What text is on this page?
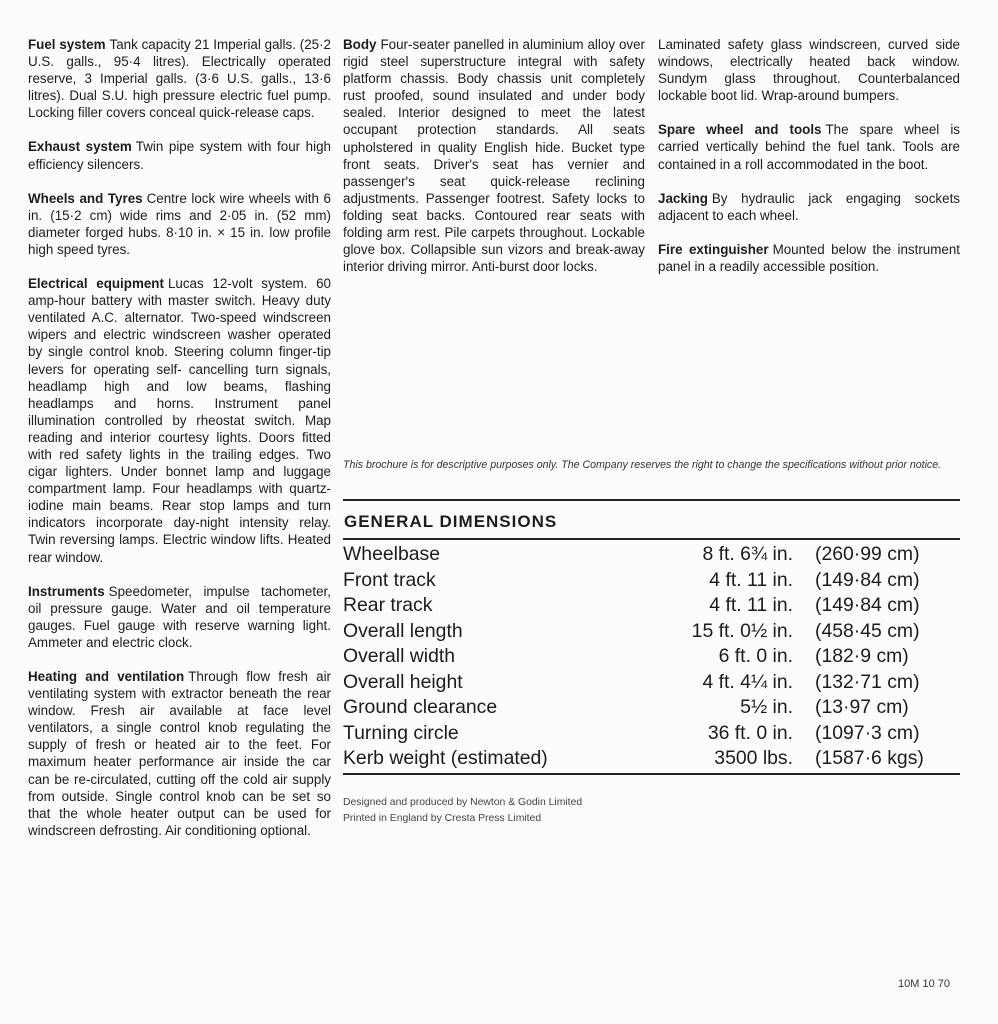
Fuel system Tank capacity 21 Imperial galls. (25·2 U.S. galls., 95·4 litres). Electrically operated reserve, 3 Imperial galls. (3·6 U.S. galls., 13·6 litres). Dual S.U. high pressure electric fuel pump. Locking filler covers conceal quick-release caps.

Exhaust system Twin pipe system with four high efficiency silencers.

Wheels and Tyres Centre lock wire wheels with 6 in. (15·2 cm) wide rims and 2·05 in. (52 mm) diameter forged hubs. 8·10 in. × 15 in. low profile high speed tyres.

Electrical equipment Lucas 12-volt system. 60 amp-hour battery with master switch. Heavy duty ventilated A.C. alternator. Two-speed windscreen wipers and electric windscreen washer operated by single control knob. Steering column finger-tip levers for operating self- cancelling turn signals, headlamp high and low beams, flashing headlamps and horns. Instrument panel illumination controlled by rheostat switch. Map reading and interior courtesy lights. Doors fitted with red safety lights in the trailing edges. Two cigar lighters. Under bonnet lamp and luggage compartment lamp. Four headlamps with quartz-iodine main beams. Rear stop lamps and turn indicators incorporate day-night intensity relay. Twin reversing lamps. Electric window lifts. Heated rear window.

Instruments Speedometer, impulse tachometer, oil pressure gauge. Water and oil temperature gauges. Fuel gauge with reserve warning light. Ammeter and electric clock.

Heating and ventilation Through flow fresh air ventilating system with extractor beneath the rear window. Fresh air available at face level ventilators, a single control knob regulating the supply of fresh or heated air to the feet. For maximum heater performance air inside the car can be re-circulated, cutting off the cold air supply from outside. Single control knob can be set so that the whole heater output can be used for windscreen defrosting. Air conditioning optional.

Body Four-seater panelled in aluminium alloy over rigid steel superstructure integral with safety platform chassis. Body chassis unit completely rust proofed, sound insulated and under body sealed. Interior designed to meet the latest occupant protection standards. All seats upholstered in quality English hide. Bucket type front seats. Driver's seat has vernier and passenger's seat quick-release reclining adjustments. Passenger footrest. Safety locks to folding seat backs. Contoured rear seats with folding arm rest. Pile carpets throughout. Lockable glove box. Collapsible sun vizors and break-away interior driving mirror. Anti-burst door locks.

Laminated safety glass windscreen, curved side windows, electrically heated back window. Sundym glass throughout. Counterbalanced lockable boot lid. Wrap-around bumpers.

Spare wheel and tools The spare wheel is carried vertically behind the fuel tank. Tools are contained in a roll accommodated in the boot.

Jacking By hydraulic jack engaging sockets adjacent to each wheel.

Fire extinguisher Mounted below the instrument panel in a readily accessible position.

This brochure is for descriptive purposes only. The Company reserves the right to change the specifications without prior notice.
GENERAL DIMENSIONS
Wheelbase	8 ft. 6¾ in.	(260·99 cm)
Front track	4 ft. 11 in.	(149·84 cm)
Rear track	4 ft. 11 in.	(149·84 cm)
Overall length	15 ft. 0½ in.	(458·45 cm)
Overall width	6 ft. 0 in.	(182·9 cm)
Overall height	4 ft. 4¼ in.	(132·71 cm)
Ground clearance	5½ in.	(13·97 cm)
Turning circle	36 ft. 0 in.	(1097·3 cm)
Kerb weight (estimated)	3500 lbs.	(1587·6 kgs)
Designed and produced by Newton & Godin Limited
Printed in England by Cresta Press Limited
10M 10 70
